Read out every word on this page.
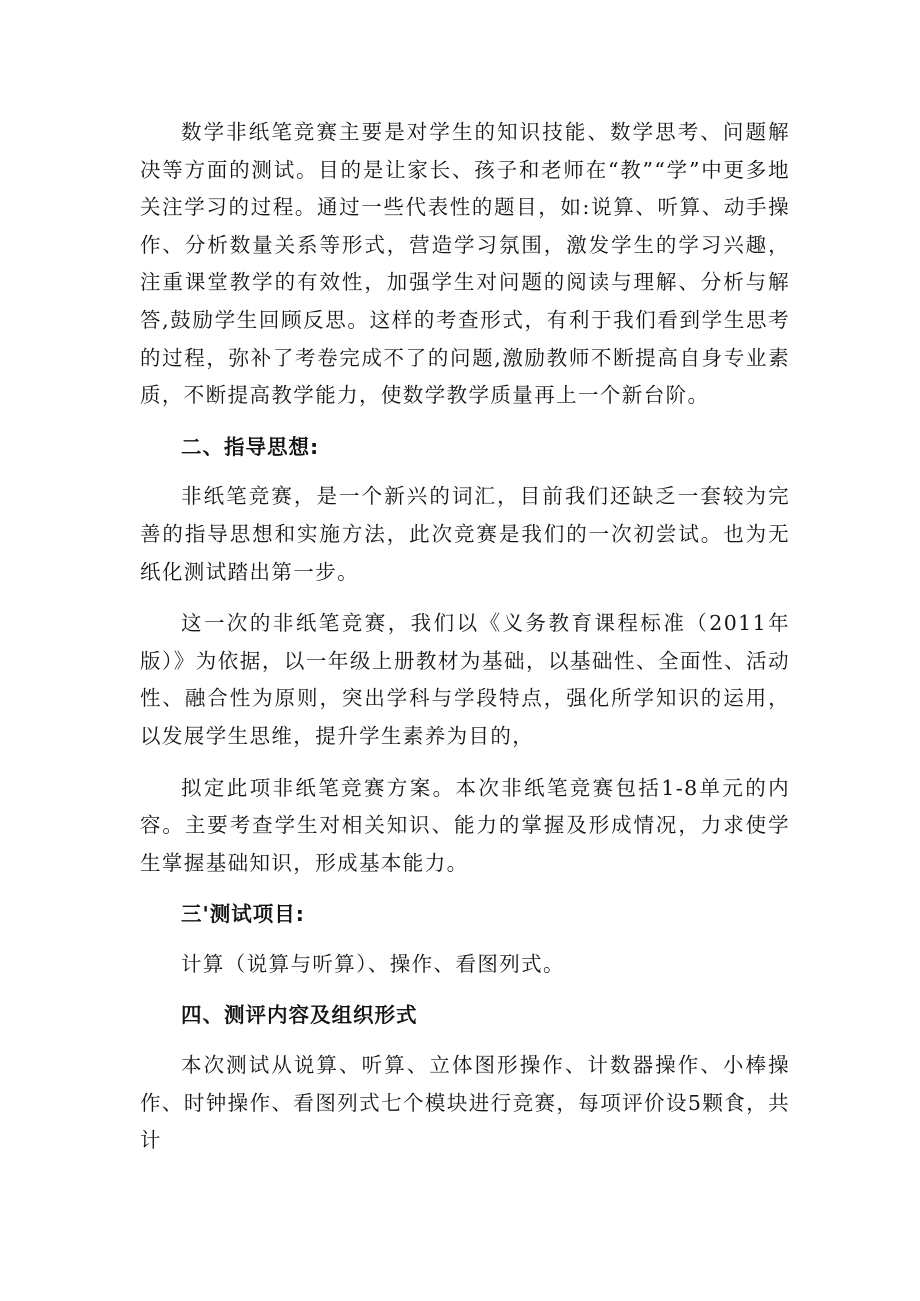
数学非纸笔竞赛主要是对学生的知识技能、数学思考、问题解决等方面的测试。目的是让家长、孩子和老师在“教”“学”中更多地关注学习的过程。通过一些代表性的题目，如:说算、听算、动手操作、分析数量关系等形式，营造学习氛围，激发学生的学习兴趣，注重课堂教学的有效性，加强学生对问题的阅读与理解、分析与解答,鼓励学生回顾反思。这样的考查形式，有利于我们看到学生思考的过程，弥补了考卷完成不了的问题,激励教师不断提高自身专业素质，不断提高教学能力，使数学教学质量再上一个新台阶。

二、指导思想:

非纸笔竞赛，是一个新兴的词汇，目前我们还缺乏一套较为完善的指导思想和实施方法，此次竞赛是我们的一次初尝试。也为无纸化测试踏出第一步。

这一次的非纸笔竞赛，我们以《义务教育课程标准（2011年版）》为依据，以一年级上册教材为基础，以基础性、全面性、活动性、融合性为原则，突出学科与学段特点，强化所学知识的运用，以发展学生思维，提升学生素养为目的，

拟定此项非纸笔竞赛方案。本次非纸笔竞赛包括1-8单元的内容。主要考查学生对相关知识、能力的掌握及形成情况，力求使学生掌握基础知识，形成基本能力。

三'测试项目:

计算（说算与听算）、操作、看图列式。

四、测评内容及组织形式

本次测试从说算、听算、立体图形操作、计数器操作、小棒操作、时钟操作、看图列式七个模块进行竞赛，每项评价设5颗食，共计
